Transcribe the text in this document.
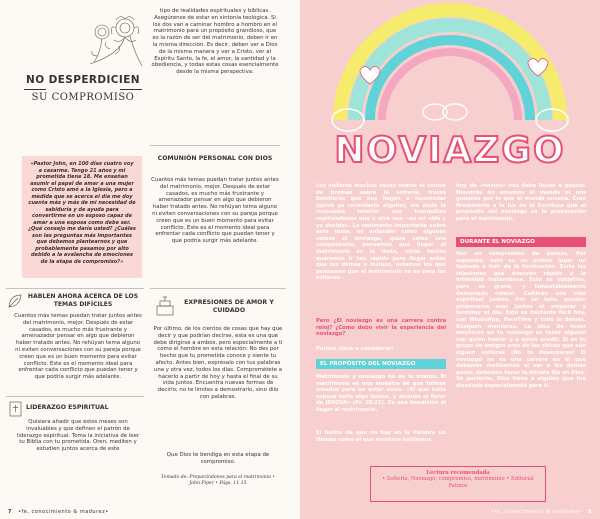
NO DESPERDICIEN
SU COMPROMISO
«Pastor John, en 100 días cuatro voy a casarme. Tengo 21 años y mi prometida tiene 18. Me enseñan asumir el papel de amar a una mujer como Cristo amó a la Iglesia, pero a medida que se acerca el día me doy cuenta más y más de mi necesidad de sabiduría y de ayuda para convertirme en un esposo capaz de amar a una esposa como debe ser. ¿Qué consejo me daría usted? ¿Cuáles son las preguntas más importantes que debemos plantearnos y que probablemente pasamos por alto debido a la avalancha de emociones de la etapa de compromiso?»
tipo de realidades espirituales y bíblicas. Asegúrense de estar en sintonía teológica. Si los dos van a caminar hombro a hombro en el matrimonio para un propósito grandioso, que es la razón de ser del matrimonio, deben ir en la misma dirección. Es decir, deben ver a Dios de la misma manera y ver a Cristo, ver al Espíritu Santo, la fe, el amor, la santidad y la obediencia, y todas estas cosas esencialmente desde la misma perspectiva.
COMUNIÓN PERSONAL CON DIOS
Cuantos más temas puedan tratar juntos antes del matrimonio, mejor. Después de estar casados, es mucho más frustrante y amenazador pensar en algo que debieron haber tratado antes. No rehúyan tema alguno ni eviten conversaciones con su pareja porque creen que es un buen momento para evitar conflicto. Este es el momento ideal para enfrentar cada conflicto que puedan tener y que podría surgir más adelante.
HABLEN AHORA ACERCA DE LOS TEMAS DIFÍCILES
Cuantos más temas puedan tratar juntos antes del matrimonio, mejor. Después de estar casados, es mucho más frustrante y amenazador pensar en algo que debieron haber tratado antes. No rehúyan tema alguno ni eviten conversaciones con su pareja porque creen que es un buen momento para evitar conflicto. Este es el momento ideal para enfrentar cada conflicto que puedan tener y que podría surgir más adelante.
LIDERAZGO ESPIRITUAL
Quisiera añadir que estos meses son invaluables y que definen el patrón de liderazgo espiritual. Toma la iniciativa de leer tu Biblia con tu prometida. Oren, mediten y estudien juntos acerca de este
EXPRESIONES DE AMOR Y CUIDADO
Por último, de los cientos de cosas que hay que decir y que podrían decirse, esta es una que debe dirigirse a ambos, pero especialmente a ti como el hombre en esta relación: No des por hecho que tu prometida conoce y siente tu afecto. Antes bien, exprésalo con tus palabras una y otra vez, todos los días. Comprométete a hacerlo a partir de hoy y hasta el final de su vida juntos. Encuentra nuevas formas de decirlo; no te limites a demostrarlo, sino dilo con palabras.
Que Dios te bendiga en esta etapa de compromiso.
Tomado de: Preparándonos para el matrimonio • John Piper • Págs. 11-15
7 •fe, conocimiento & madurez•
NOVIAZGO
Los solteros muchas veces somos el centro de bromas sobre la soltería, frases familiares que nos llegan a incomodar (quizá ya recordaste alguna), sin duda la respuesta interior nos tranquiliza repitiéndonos una y otra vez: «es mi vida y yo decido». Lo realmente importante sobre este tema, es entender cómo algunos vemos el noviazgo, quizá como una competencia; pensamos que llegar al matrimonio es la meta, otros tantos queremos ir tan rápido para llegar antes que los demás e incluso, estamos los que pensamos que el matrimonio no es para los solteros.
Pero ¿El noviazgo es una carrera contra reloj? ¿Cómo debo vivir la experiencia del noviazgo?
Puntos clave a considerar:
EL PROPÓSITO DEL NOVIAZGO
Matrimonio y noviazgo no es lo mismo. El matrimonio es una muestra de que fuimos creados para no estar solos. «El que halla esposa halla algo bueno, y alcanza el favor de JEHOVÁ» (Pr. 18:22). Es una bendición el llegar al matrimonio.
El hecho de que no hay en la Palabra un tiempo como el que nosotros hablamos
hoy de «novios» nos debe llevar a pausar. Nosotros no amamos el mundo ni nos guiamos por lo que el mundo enseña. Creo firmemente a la luz de la Escritura que el propósito del noviazgo es la preparación para el matrimonio.
DURANTE EL NOVIAZGO
Haz un compromiso de pureza. Por supuesto, esto es un primer lugar un llamado a huir de la fornicación. Evita las relaciones que avanzan rápido y la intimidad instantánea. Esto es subjetivo, pero es grave, y lamentablemente demasiado común. Cultiven una vida espiritual juntos. Por un lado, pueden proponerse orar juntos el empezar y terminar el día. Este es bastante fácil hoy, con WhatsApp, FaceTime y todo lo demás. Busquen mentores. La idea de tener mentores en tu noviazgo es tener alguien con quien hablar y a quien acudir. Si es tu grupo de amigos eres de las chicas que aún siguen solteras ¡No te desesperes! El noviazgo no es una carrera en el que debemos motivarnos al ver a los demás ganar, debemos tener la mirada fija en Dios. Sé paciente, Dios tiene a alguien que fue diseñado especialmente para ti.
Lectura recomendada
• Soltería, Noviazgo, compromiso, matrimonio • Editorial Patmos
•fe, conocimiento & madurez• 8
